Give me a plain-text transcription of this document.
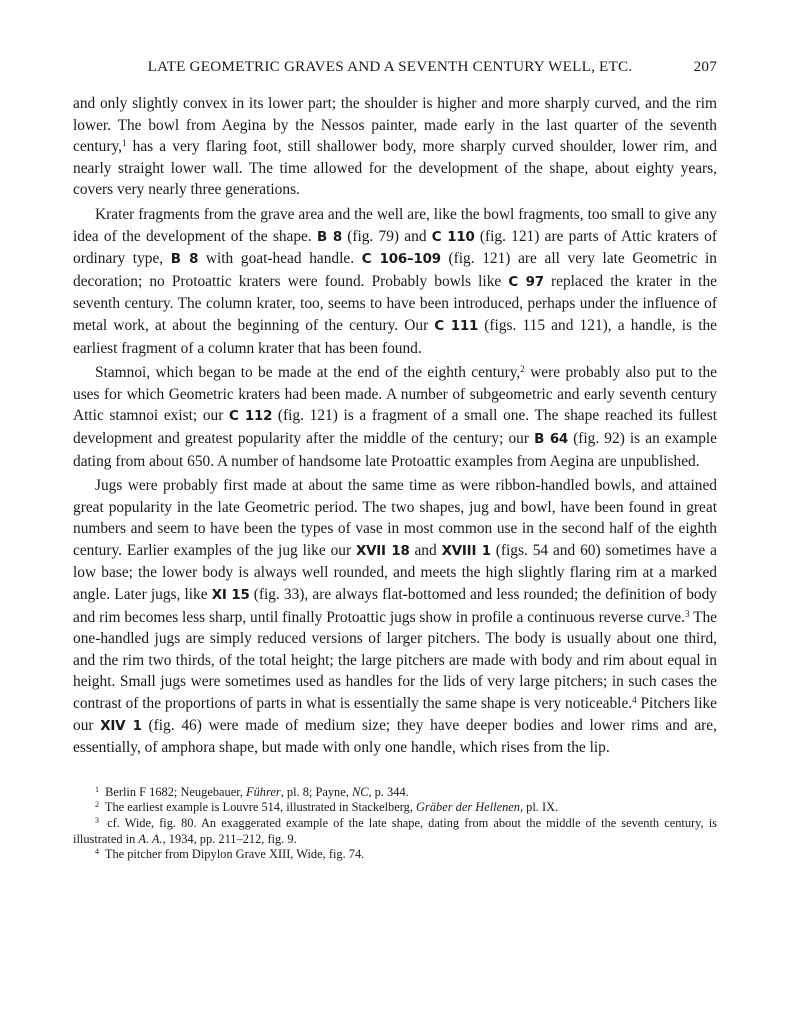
LATE GEOMETRIC GRAVES AND A SEVENTH CENTURY WELL, ETC.	207

and only slightly convex in its lower part; the shoulder is higher and more sharply curved, and the rim lower. The bowl from Aegina by the Nessos painter, made early in the last quarter of the seventh century,$^1$ has a very flaring foot, still shallower body, more sharply curved shoulder, lower rim, and nearly straight lower wall. The time allowed for the development of the shape, about eighty years, covers very nearly three generations.

Krater fragments from the grave area and the well are, like the bowl fragments, too small to give any idea of the development of the shape. B 8 (fig. 79) and C 110 (fig. 121) are parts of Attic kraters of ordinary type, B 8 with goat-head handle. C 106–109 (fig. 121) are all very late Geometric in decoration; no Protoattic kraters were found. Probably bowls like C 97 replaced the krater in the seventh century. The column krater, too, seems to have been introduced, perhaps under the influence of metal work, at about the beginning of the century. Our C 111 (figs. 115 and 121), a handle, is the earliest fragment of a column krater that has been found.

Stamnoi, which began to be made at the end of the eighth century,$^2$ were probably also put to the uses for which Geometric kraters had been made. A number of subgeometric and early seventh century Attic stamnoi exist; our C 112 (fig. 121) is a fragment of a small one. The shape reached its fullest development and greatest popularity after the middle of the century; our B 64 (fig. 92) is an example dating from about 650. A number of handsome late Protoattic examples from Aegina are unpublished.

Jugs were probably first made at about the same time as were ribbon-handled bowls, and attained great popularity in the late Geometric period. The two shapes, jug and bowl, have been found in great numbers and seem to have been the types of vase in most common use in the second half of the eighth century. Earlier examples of the jug like our XVII 18 and XVIII 1 (figs. 54 and 60) sometimes have a low base; the lower body is always well rounded, and meets the high slightly flaring rim at a marked angle. Later jugs, like XI 15 (fig. 33), are always flat-bottomed and less rounded; the definition of body and rim becomes less sharp, until finally Protoattic jugs show in profile a continuous reverse curve.$^3$ The one-handled jugs are simply reduced versions of larger pitchers. The body is usually about one third, and the rim two thirds, of the total height; the large pitchers are made with body and rim about equal in height. Small jugs were sometimes used as handles for the lids of very large pitchers; in such cases the contrast of the proportions of parts in what is essentially the same shape is very noticeable.$^4$ Pitchers like our XIV 1 (fig. 46) were made of medium size; they have deeper bodies and lower rims and are, essentially, of amphora shape, but made with only one handle, which rises from the lip.

$^1$ Berlin F 1682; Neugebauer, Führer, pl. 8; Payne, NC, p. 344.

$^2$ The earliest example is Louvre 514, illustrated in Stackelberg, Gräber der Hellenen, pl. IX.

$^3$ cf. Wide, fig. 80. An exaggerated example of the late shape, dating from about the middle of the seventh century, is illustrated in A. A., 1934, pp. 211–212, fig. 9.

$^4$ The pitcher from Dipylon Grave XIII, Wide, fig. 74.
